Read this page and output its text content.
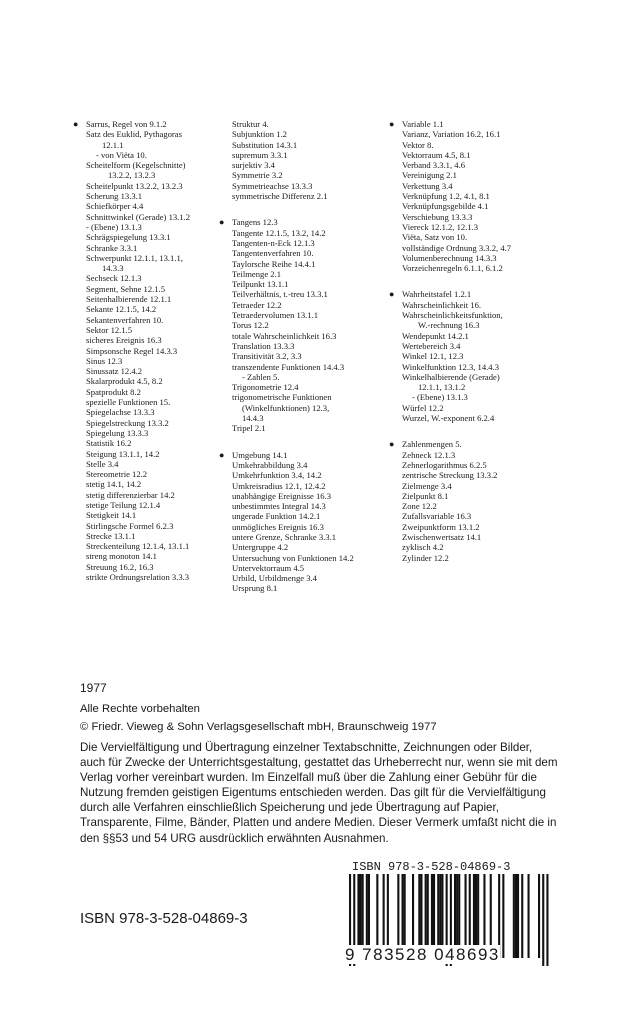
● Sarrus, Regel von 9.1.2
Satz des Euklid, Pythagoras
12.1.1
- von Viëta 10.
Scheitelform (Kegelschnitte)
13.2.2, 13.2.3
Scheitelpunkt 13.2.2, 13.2.3
Scherung 13.3.1
Schiefkörper 4.4
Schnittwinkel (Gerade) 13.1.2
- (Ebene) 13.1.3
Schrägspiegelung 13.3.1
Schranke 3.3.1
Schwerpunkt 12.1.1, 13.1.1,
14.3.3
Sechseck 12.1.3
Segment, Sehne 12.1.5
Seitenhalbierende 12.1.1
Sekante 12.1.5, 14.2
Sekantenverfahren 10.
Sektor 12.1.5
sicheres Ereignis 16.3
Simpsonsche Regel 14.3.3
Sinus 12.3
Sinussatz 12.4.2
Skalarprodukt 4.5, 8.2
Spatprodukt 8.2
spezielle Funktionen 15.
Spiegelachse 13.3.3
Spiegelstreckung 13.3.2
Spiegelung 13.3.3
Statistik 16.2
Steigung 13.1.1, 14.2
Stelle 3.4
Stereometrie 12.2
stetig 14.1, 14.2
stetig differenzierbar 14.2
stetige Teilung 12.1.4
Stetigkeit 14.1
Stirlingsche Formel 6.2.3
Strecke 13.1.1
Streckenteilung 12.1.4, 13.1.1
streng monoton 14.1
Streuung 16.2, 16.3
strikte Ordnungsrelation 3.3.3
Struktur 4.
Subjunktion 1.2
Substitution 14.3.1
supremum 3.3.1
surjektiv 3.4
Symmetrie 3.2
Symmetrieachse 13.3.3
symmetrische Differenz 2.1
● Tangens 12.3
Tangente 12.1.5, 13.2, 14.2
Tangenten-n-Eck 12.1.3
Tangentenverfahren 10.
Taylorsche Reihe 14.4.1
Teilmenge 2.1
Teilpunkt 13.1.1
Teilverhältnis, t.-treu 13.3.1
Tetraeder 12.2
Tetraedervolumen 13.1.1
Torus 12.2
totale Wahrscheinlichkeit 16.3
Translation 13.3.3
Transitivität 3.2, 3.3
transzendente Funktionen 14.4.3
- Zahlen 5.
Trigonometrie 12.4
trigonometrische Funktionen
(Winkelfunktionen) 12.3,
14.4.3
Tripel 2.1
● Umgebung 14.1
Umkehrabbildung 3.4
Umkehrfunktion 3.4, 14.2
Umkreisradius 12.1, 12.4.2
unabhängige Ereignisse 16.3
unbestimmtes Integral 14.3
ungerade Funktion 14.2.1
unmögliches Ereignis 16.3
untere Grenze, Schranke 3.3.1
Untergruppe 4.2
Untersuchung von Funktionen 14.2
Untervektorraum 4.5
Urbild, Urbildmenge 3.4
Ursprung 8.1
● Variable 1.1
Varianz, Variation 16.2, 16.1
Vektor 8.
Vektorraum 4.5, 8.1
Verband 3.3.1, 4.6
Vereinigung 2.1
Verkettung 3.4
Verknüpfung 1.2, 4.1, 8.1
Verknüpfungsgebilde 4.1
Verschiebung 13.3.3
Viereck 12.1.2, 12.1.3
Viëta, Satz von 10.
vollständige Ordnung 3.3.2, 4.7
Volumenberechnung 14.3.3
Vorzeichenregeln 6.1.1, 6.1.2
● Wahrheitstafel 1.2.1
Wahrscheinlichkeit 16.
Wahrscheinlichkeitsfunktion,
W.-rechnung 16.3
Wendepunkt 14.2.1
Wertebereich 3.4
Winkel 12.1, 12.3
Winkelfunktion 12.3, 14.4.3
Winkelhalbierende (Gerade)
12.1.1, 13.1.2
- (Ebene) 13.1.3
Würfel 12.2
Wurzel, W.-exponent 6.2.4
● Zahlenmengen 5.
Zehneck 12.1.3
Zehnerlogarithmus 6.2.5
zentrische Streckung 13.3.2
Zielmenge 3.4
Zielpunkt 8.1
Zone 12.2
Zufallsvariable 16.3
Zweipunktform 13.1.2
Zwischenwertsatz 14.1
zyklisch 4.2
Zylinder 12.2
1977
Alle Rechte vorbehalten
© Friedr. Vieweg & Sohn Verlagsgesellschaft mbH, Braunschweig 1977
Die Vervielfältigung und Übertragung einzelner Textabschnitte, Zeichnungen oder Bilder, auch für Zwecke der Unterrichtsgestaltung, gestattet das Urheberrecht nur, wenn sie mit dem Verlag vorher vereinbart wurden. Im Einzelfall muß über die Zahlung einer Gebühr für die Nutzung fremden geistigen Eigentums entschieden werden. Das gilt für die Vervielfältigung durch alle Verfahren einschließlich Speicherung und jede Übertragung auf Papier, Transparente, Filme, Bänder, Platten und andere Medien. Dieser Vermerk umfaßt nicht die in den §§53 und 54 URG ausdrücklich erwähnten Ausnahmen.
ISBN 978-3-528-04869-3
ISBN 978-3-528-04869-3
9 783528 048693
